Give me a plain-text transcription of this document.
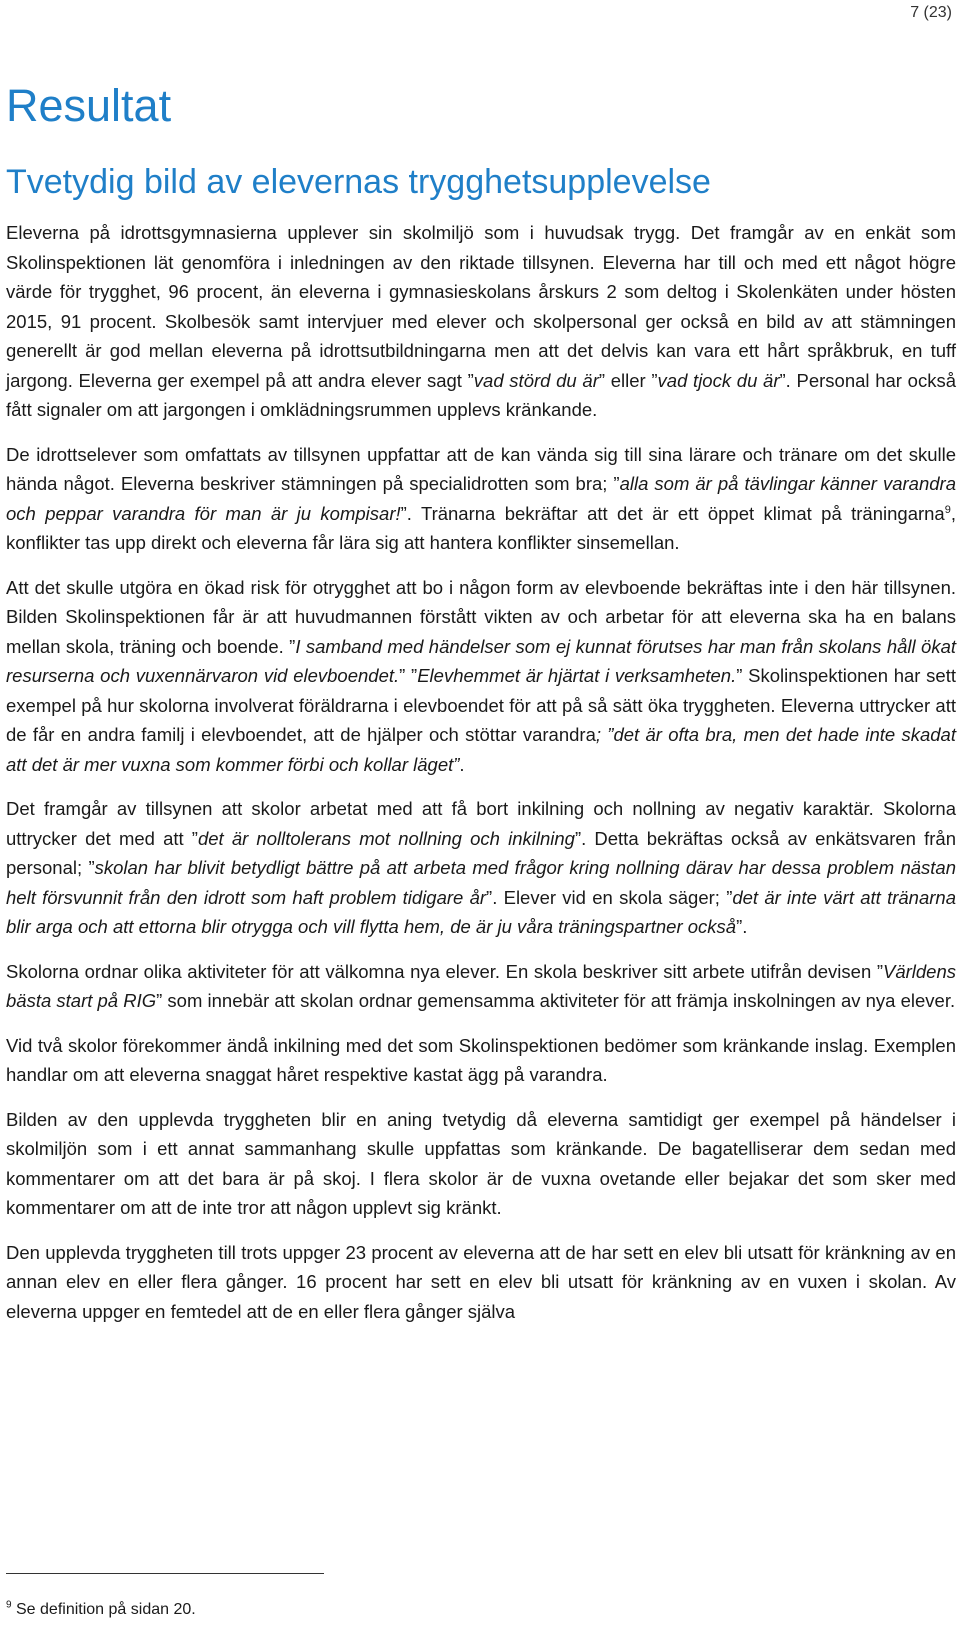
7 (23)
Resultat
Tvetydig bild av elevernas trygghetsupplevelse

Eleverna på idrottsgymnasierna upplever sin skolmiljö som i huvudsak trygg. Det framgår av en enkät som Skolinspektionen lät genomföra i inledningen av den riktade tillsynen. Eleverna har till och med ett något högre värde för trygghet, 96 procent, än eleverna i gymnasieskolans årskurs 2 som deltog i Skolenkäten under hösten 2015, 91 procent. Skolbesök samt intervjuer med elever och skolpersonal ger också en bild av att stämningen generellt är god mellan eleverna på idrottsutbildningarna men att det delvis kan vara ett hårt språkbruk, en tuff jargong. Eleverna ger exempel på att andra elever sagt ”vad störd du är” eller ”vad tjock du är”. Personal har också fått signaler om att jargongen i omklädningsrummen upplevs kränkande.

De idrottselever som omfattats av tillsynen uppfattar att de kan vända sig till sina lärare och tränare om det skulle hända något. Eleverna beskriver stämningen på specialidrotten som bra; ”alla som är på tävlingar känner varandra och peppar varandra för man är ju kompisar!”. Tränarna bekräftar att det är ett öppet klimat på träningarna$^9$, konflikter tas upp direkt och eleverna får lära sig att hantera konflikter sinsemellan.

Att det skulle utgöra en ökad risk för otrygghet att bo i någon form av elevboende bekräftas inte i den här tillsynen. Bilden Skolinspektionen får är att huvudmannen förstått vikten av och arbetar för att eleverna ska ha en balans mellan skola, träning och boende. ”I samband med händelser som ej kunnat förutses har man från skolans håll ökat resurserna och vuxennärvaron vid elevboendet.” ”Elevhemmet är hjärtat i verksamheten.” Skolinspektionen har sett exempel på hur skolorna involverat föräldrarna i elevboendet för att på så sätt öka tryggheten. Eleverna uttrycker att de får en andra familj i elevboendet, att de hjälper och stöttar varandra; ”det är ofta bra, men det hade inte skadat att det är mer vuxna som kommer förbi och kollar läget”.

Det framgår av tillsynen att skolor arbetat med att få bort inkilning och nollning av negativ karaktär. Skolorna uttrycker det med att ”det är nolltolerans mot nollning och inkilning”. Detta bekräftas också av enkätsvaren från personal; ”skolan har blivit betydligt bättre på att arbeta med frågor kring nollning därav har dessa problem nästan helt försvunnit från den idrott som haft problem tidigare år”. Elever vid en skola säger; ”det är inte värt att tränarna blir arga och att ettorna blir otrygga och vill flytta hem, de är ju våra träningspartner också”.

Skolorna ordnar olika aktiviteter för att välkomna nya elever. En skola beskriver sitt arbete utifrån devisen ”Världens bästa start på RIG” som innebär att skolan ordnar gemensamma aktiviteter för att främja inskolningen av nya elever.

Vid två skolor förekommer ändå inkilning med det som Skolinspektionen bedömer som kränkande inslag. Exemplen handlar om att eleverna snaggat håret respektive kastat ägg på varandra.

Bilden av den upplevda tryggheten blir en aning tvetydig då eleverna samtidigt ger exempel på händelser i skolmiljön som i ett annat sammanhang skulle uppfattas som kränkande. De bagatelliserar dem sedan med kommentarer om att det bara är på skoj. I flera skolor är de vuxna ovetande eller bejakar det som sker med kommentarer om att de inte tror att någon upplevt sig kränkt.

Den upplevda tryggheten till trots uppger 23 procent av eleverna att de har sett en elev bli utsatt för kränkning av en annan elev en eller flera gånger. 16 procent har sett en elev bli utsatt för kränkning av en vuxen i skolan. Av eleverna uppger en femtedel att de en eller flera gånger själva

$^9$ Se definition på sidan 20.
